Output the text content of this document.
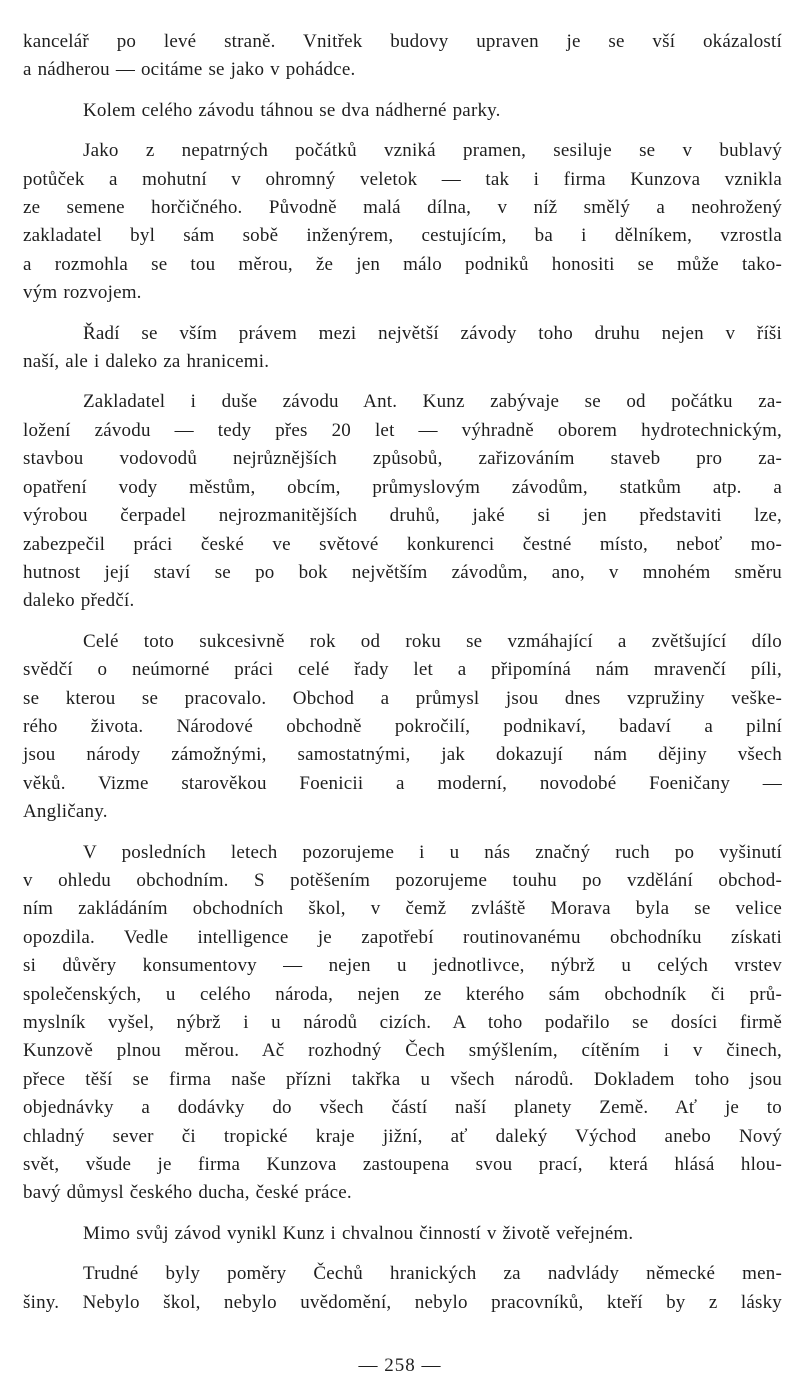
kancelář po levé straně. Vnitřek budovy upraven je se vší okázalostí

a nádherou — ocitáme se jako v pohádce.

Kolem celého závodu táhnou se dva nádherné parky.

Jako z nepatrných počátků vzniká pramen, sesiluje se v bublavý

potůček a mohutní v ohromný veletok — tak i firma Kunzova vznikla

ze semene horčičného. Původně malá dílna, v níž smělý a neohrožený

zakladatel byl sám sobě inženýrem, cestujícím, ba i dělníkem, vzrostla

a rozmohla se tou měrou, že jen málo podniků honositi se může tako-

vým rozvojem.

Řadí se vším právem mezi největší závody toho druhu nejen v říši

naší, ale i daleko za hranicemi.

Zakladatel i duše závodu Ant. Kunz zabývaje se od počátku za-

ložení závodu — tedy přes 20 let — výhradně oborem hydrotechnickým,

stavbou vodovodů nejrůznějších způsobů, zařizováním staveb pro za-

opatření vody městům, obcím, průmyslovým závodům, statkům atp. a

výrobou čerpadel nejrozmanitějších druhů, jaké si jen představiti lze,

zabezpečil práci české ve světové konkurenci čestné místo, neboť mo-

hutnost její staví se po bok největším závodům, ano, v mnohém směru

daleko předčí.

Celé toto sukcesivně rok od roku se vzmáhající a zvětšující dílo

svědčí o neúmorné práci celé řady let a připomíná nám mravenčí píli,

se kterou se pracovalo. Obchod a průmysl jsou dnes vzpružiny veške-

rého života. Národové obchodně pokročilí, podnikaví, badaví a pilní

jsou národy zámožnými, samostatnými, jak dokazují nám dějiny všech

věků. Vizme starověkou Foenicii a moderní, novodobé Foeničany —

Angličany.

V posledních letech pozorujeme i u nás značný ruch po vyšinutí

v ohledu obchodním. S potěšením pozorujeme touhu po vzdělání obchod-

ním zakládáním obchodních škol, v čemž zvláště Morava byla se velice

opozdila. Vedle intelligence je zapotřebí routinovanému obchodníku získati

si důvěry konsumentovy — nejen u jednotlivce, nýbrž u celých vrstev

společenských, u celého národa, nejen ze kterého sám obchodník či prů-

myslník vyšel, nýbrž i u národů cizích. A toho podařilo se dosíci firmě

Kunzově plnou měrou. Ač rozhodný Čech smýšlením, cítěním i v činech,

přece těší se firma naše přízni takřka u všech národů. Dokladem toho jsou

objednávky a dodávky do všech částí naší planety Země. Ať je to

chladný sever či tropické kraje jižní, ať daleký Východ anebo Nový

svět, všude je firma Kunzova zastoupena svou prací, která hlásá hlou-

bavý důmysl českého ducha, české práce.

Mimo svůj závod vynikl Kunz i chvalnou činností v životě veřejném.

Trudné byly poměry Čechů hranických za nadvlády německé men-

šiny. Nebylo škol, nebylo uvědomění, nebylo pracovníků, kteří by z lásky

— 258 —
